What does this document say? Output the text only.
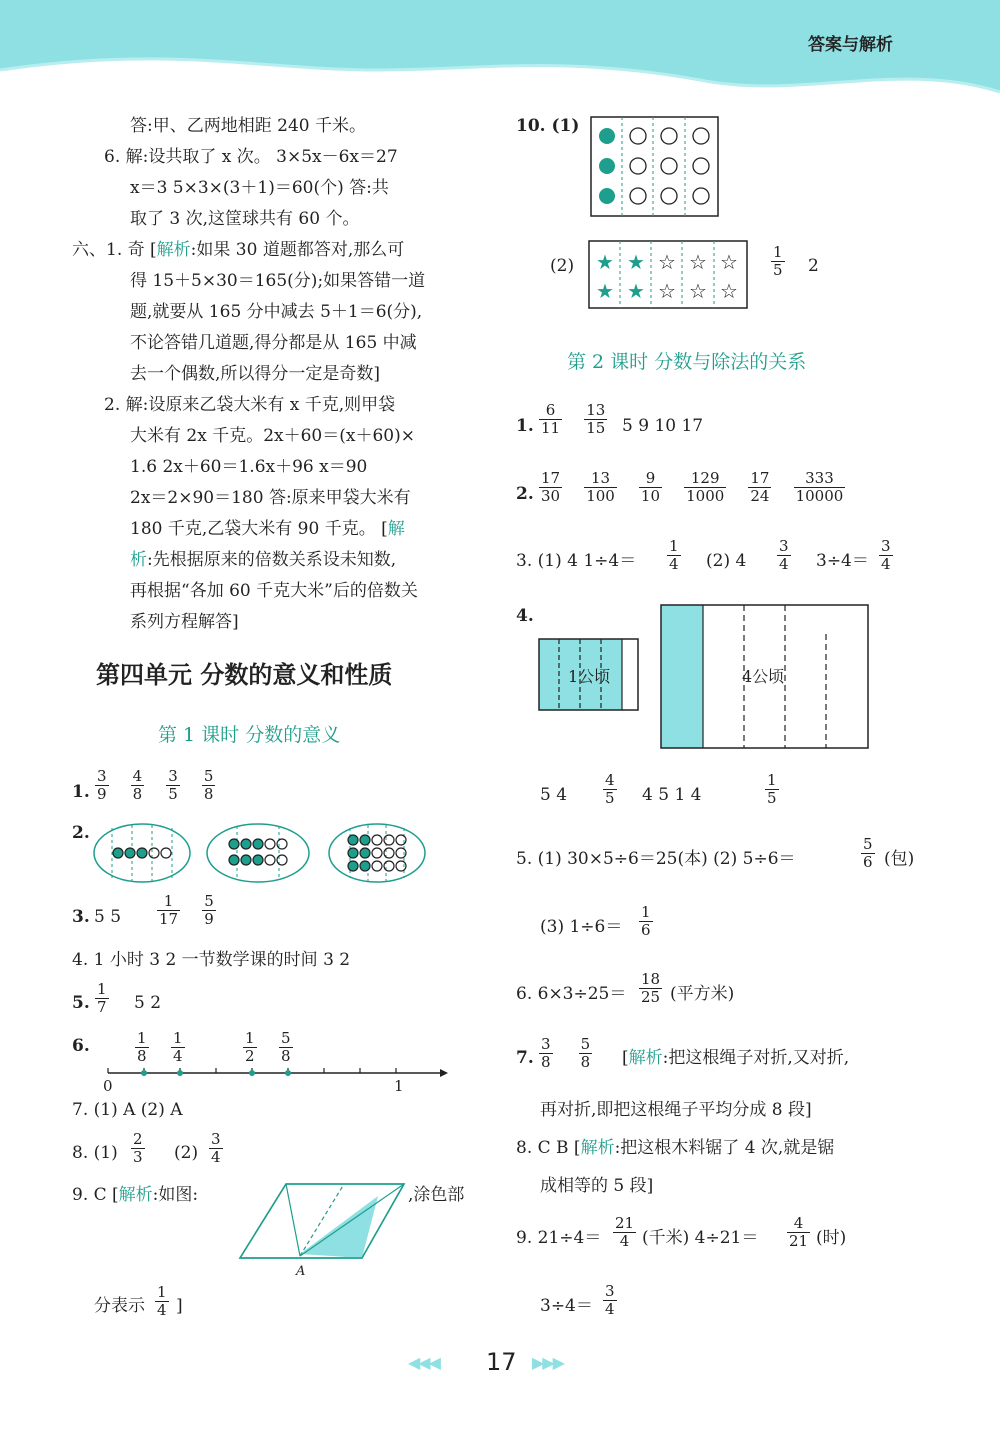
答案与解析
答:甲、乙两地相距 240 千米。
6. 解:设共取了 x 次。 3×5x－6x＝27
x＝3 5×3×(3＋1)＝60(个) 答:共
取了 3 次,这筐球共有 60 个。
六、1. 奇 [解析:如果 30 道题都答对,那么可
得 15＋5×30＝165(分);如果答错一道
题,就要从 165 分中减去 5＋1＝6(分),
不论答错几道题,得分都是从 165 中减
去一个偶数,所以得分一定是奇数]
2. 解:设原来乙袋大米有 x 千克,则甲袋
大米有 2x 千克。2x＋60＝(x＋60)×
1.6 2x＋60＝1.6x＋96 x＝90
2x＝2×90＝180 答:原来甲袋大米有
180 千克,乙袋大米有 90 千克。 [解
析:先根据原来的倍数关系设未知数,
再根据“各加 60 千克大米”后的倍数关
系列方程解答]
第四单元 分数的意义和性质
第 1 课时 分数的意义
1. $\frac{3}{9}$
$\frac{4}{8}$
$\frac{3}{5}$
$\frac{5}{8}$
2.
3. 5 $5 \frac{1}{17}$
$\frac{5}{9}$
4. 1 小时 3 2 一节数学课的时间 3 2
5. $\frac{1}{7} 5$ 2
6.	$\frac{1}{8} \frac{1}{4}$	$\frac{1}{2} \frac{5}{8}$
0	1
7. (1) A (2) A
8. $(1) \frac{2}{3} (2) \frac{3}{4}$
9. C [解析:如图:
A
,涂色部
分表示 $\frac{1}{4}$ ]
10. (1)
(2) ★ ★ ☆ ☆ ☆
★ ★ ☆ ☆ ☆
$\frac{1}{5} 2$
第 2 课时 分数与除法的关系
1. $\frac{6}{11}$
$\frac{13}{15} 5$ 9 10 17
2. $\frac{17}{30}$
$\frac{13}{100}$
$\frac{9}{10}$
$\frac{129}{1000}$
$\frac{17}{24}$
$\frac{333}{10000}$
3. (1) 4 $1\div 4= \frac{1}{4} (2)$ $4 \frac{3}{4} 3\div 4= \frac{3}{4}$
4.
1公顷	4公顷
5 $4 \frac{4}{5} 4$ 5 1 4	$\frac{1}{5}$
5. (1) 30×5÷6＝25(本) (2) 5÷6＝	$\frac{5}{6}$ (包)
(3) $1\div 6= \frac{1}{6}$
6. $6\times 3\div 25= \frac{18}{25}$ (平方米)
7. $\frac{3}{8}$
$\frac{5}{8}$ [解析:把这根绳子对折,又对折,
再对折,即把这根绳子平均分成 8 段]
8. C B [解析:把这根木料锯了 4 次,就是锯
成相等的 5 段]
9. $21\div 4= \frac{21}{4}$ (千米) $4\div 21= \frac{4}{21}$ (时)
$3\div 4= \frac{3}{4}$
◀◀◀ 17 ▶▶▶
